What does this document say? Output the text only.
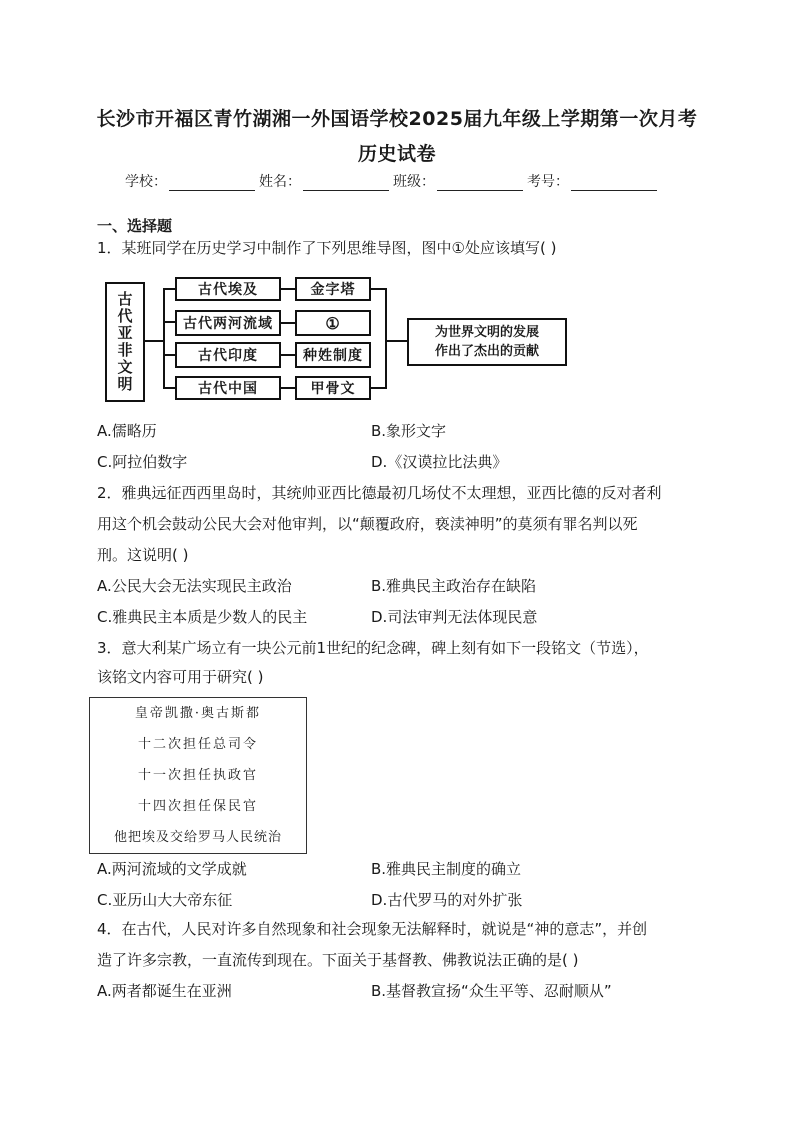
长沙市开福区青竹湖湘一外国语学校2025届九年级上学期第一次月考
历史试卷
学校：	姓名：	班级：	考号：
一、选择题
1．某班同学在历史学习中制作了下列思维导图，图中①处应该填写( )
古代亚非文明
古代埃及
古代两河流域
古代印度
古代中国
金字塔
①
种姓制度
甲骨文
为世界文明的发展
作出了杰出的贡献
A.儒略历	B.象形文字
C.阿拉伯数字	D.《汉谟拉比法典》
2．雅典远征西西里岛时，其统帅亚西比德最初几场仗不太理想，亚西比德的反对者利
用这个机会鼓动公民大会对他审判，以“颠覆政府，亵渎神明”的莫须有罪名判以死
刑。这说明( )
A.公民大会无法实现民主政治	B.雅典民主政治存在缺陷
C.雅典民主本质是少数人的民主	D.司法审判无法体现民意
3．意大利某广场立有一块公元前1世纪的纪念碑，碑上刻有如下一段铭文（节选），
该铭文内容可用于研究( )
皇帝凯撒·奥古斯都
十二次担任总司令
十一次担任执政官
十四次担任保民官
他把埃及交给罗马人民统治
A.两河流域的文学成就	B.雅典民主制度的确立
C.亚历山大大帝东征	D.古代罗马的对外扩张
4．在古代，人民对许多自然现象和社会现象无法解释时，就说是“神的意志”，并创
造了许多宗教，一直流传到现在。下面关于基督教、佛教说法正确的是( )
A.两者都诞生在亚洲	B.基督教宣扬“众生平等、忍耐顺从”
